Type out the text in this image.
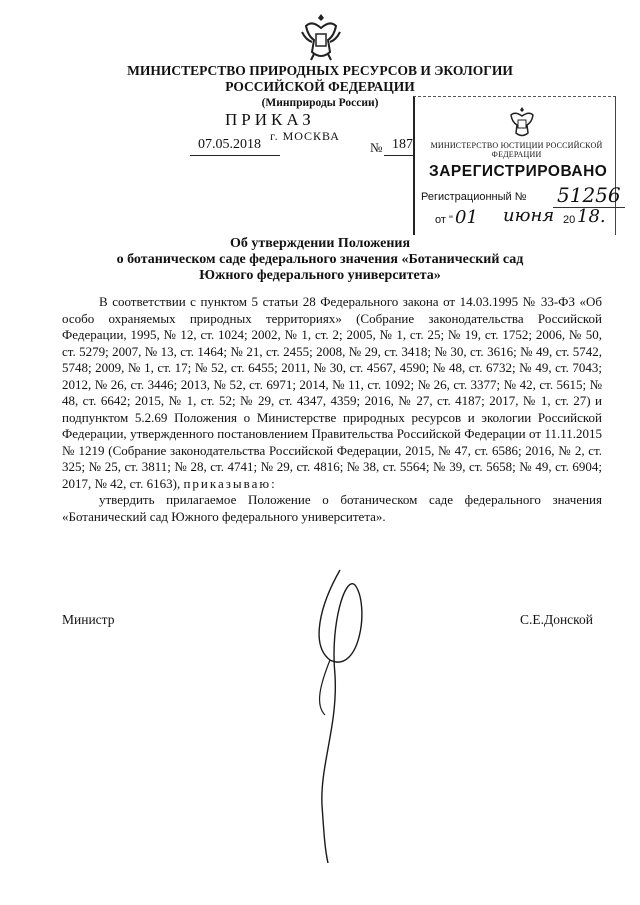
МИНИСТЕРСТВО ПРИРОДНЫХ РЕСУРСОВ И ЭКОЛОГИИ
РОССИЙСКОЙ ФЕДЕРАЦИИ
(Минприроды России)
ПРИКАЗ
г. МОСКВА
07.05.2018	№ 187	МИНИСТЕРСТВО ЮСТИЦИИ РОССИЙСКОЙ ФЕДЕРАЦИИ
ЗАРЕГИСТРИРОВАНО
Регистрационный № 51256
от " 01 июня 20 18.
Об утверждении Положения
о ботаническом саде федерального значения «Ботанический сад
Южного федерального университета»

В соответствии с пунктом 5 статьи 28 Федерального закона от 14.03.1995 № 33-ФЗ «Об особо охраняемых природных территориях» (Собрание законодательства Российской Федерации, 1995, № 12, ст. 1024; 2002, № 1, ст. 2; 2005, № 1, ст. 25; № 19, ст. 1752; 2006, № 50, ст. 5279; 2007, № 13, ст. 1464; № 21, ст. 2455; 2008, № 29, ст. 3418; № 30, ст. 3616; № 49, ст. 5742, 5748; 2009, № 1, ст. 17; № 52, ст. 6455; 2011, № 30, ст. 4567, 4590; № 48, ст. 6732; № 49, ст. 7043; 2012, № 26, ст. 3446; 2013, № 52, ст. 6971; 2014, № 11, ст. 1092; № 26, ст. 3377; № 42, ст. 5615; № 48, ст. 6642; 2015, № 1, ст. 52; № 29, ст. 4347, 4359; 2016, № 27, ст. 4187; 2017, № 1, ст. 27) и подпунктом 5.2.69 Положения о Министерстве природных ресурсов и экологии Российской Федерации, утвержденного постановлением Правительства Российской Федерации от 11.11.2015 № 1219 (Собрание законодательства Российской Федерации, 2015, № 47, ст. 6586; 2016, № 2, ст. 325; № 25, ст. 3811; № 28, ст. 4741; № 29, ст. 4816; № 38, ст. 5564; № 39, ст. 5658; № 49, ст. 6904; 2017, № 42, ст. 6163), приказываю:

утвердить прилагаемое Положение о ботаническом саде федерального значения «Ботанический сад Южного федерального университета».

Министр	С.Е.Донской
